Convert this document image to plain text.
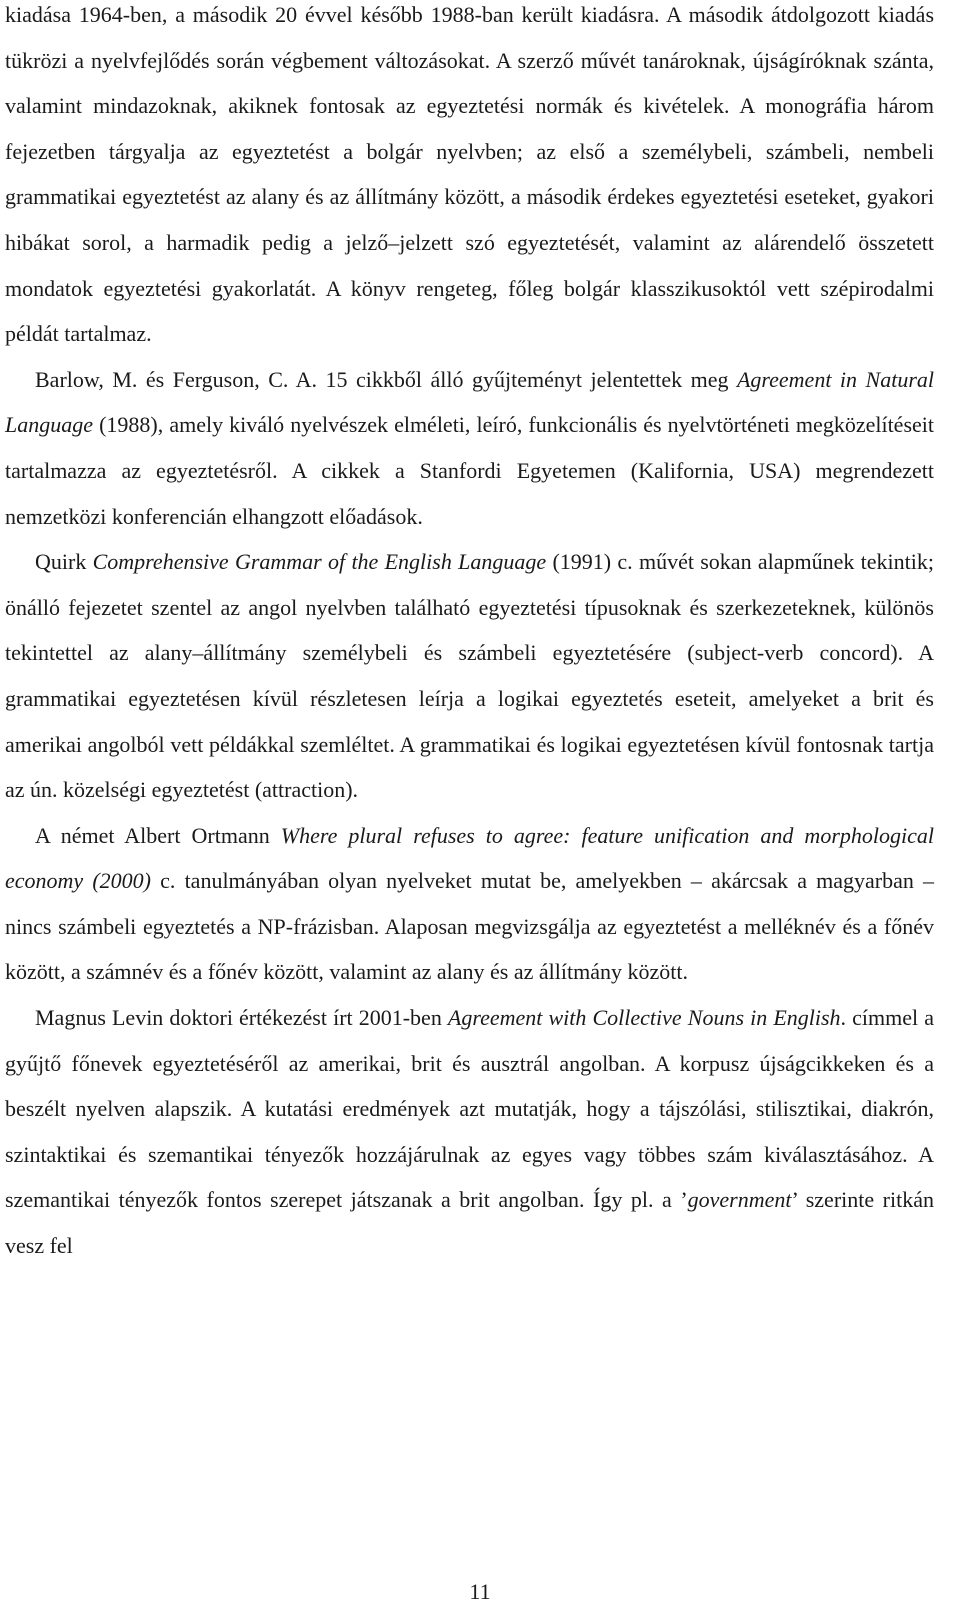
kiadása 1964-ben, a második 20 évvel később 1988-ban került kiadásra. A második átdolgozott kiadás tükrözi a nyelvfejlődés során végbement változásokat. A szerző művét tanároknak, újságíróknak szánta, valamint mindazoknak, akiknek fontosak az egyeztetési normák és kivételek. A monográfia három fejezetben tárgyalja az egyeztetést a bolgár nyelvben; az első a személybeli, számbeli, nembeli grammatikai egyeztetést az alany és az állítmány között, a második érdekes egyeztetési eseteket, gyakori hibákat sorol, a harmadik pedig a jelző–jelzett szó egyeztetését, valamint az alárendelő összetett mondatok egyeztetési gyakorlatát. A könyv rengeteg, főleg bolgár klasszikusoktól vett szépirodalmi példát tartalmaz.

Barlow, M. és Ferguson, C. A. 15 cikkből álló gyűjteményt jelentettek meg Agreement in Natural Language (1988), amely kiváló nyelvészek elméleti, leíró, funkcionális és nyelvtörténeti megközelítéseit tartalmazza az egyeztetésről. A cikkek a Stanfordi Egyetemen (Kalifornia, USA) megrendezett nemzetközi konferencián elhangzott előadások.

Quirk Comprehensive Grammar of the English Language (1991) c. művét sokan alapműnek tekintik; önálló fejezetet szentel az angol nyelvben található egyeztetési típusoknak és szerkezeteknek, különös tekintettel az alany–állítmány személybeli és számbeli egyeztetésére (subject-verb concord). A grammatikai egyeztetésen kívül részletesen leírja a logikai egyeztetés eseteit, amelyeket a brit és amerikai angolból vett példákkal szemléltet. A grammatikai és logikai egyeztetésen kívül fontosnak tartja az ún. közelségi egyeztetést (attraction).

A német Albert Ortmann Where plural refuses to agree: feature unification and morphological economy (2000) c. tanulmányában olyan nyelveket mutat be, amelyekben – akárcsak a magyarban – nincs számbeli egyeztetés a NP-frázisban. Alaposan megvizsgálja az egyeztetést a melléknév és a főnév között, a számnév és a főnév között, valamint az alany és az állítmány között.

Magnus Levin doktori értékezést írt 2001-ben Agreement with Collective Nouns in English. címmel a gyűjtő főnevek egyeztetéséről az amerikai, brit és ausztrál angolban. A korpusz újságcikkeken és a beszélt nyelven alapszik. A kutatási eredmények azt mutatják, hogy a tájszólási, stilisztikai, diakrón, szintaktikai és szemantikai tényezők hozzájárulnak az egyes vagy többes szám kiválasztásához. A szemantikai tényezők fontos szerepet játszanak a brit angolban. Így pl. a ’government’ szerinte ritkán vesz fel

11
